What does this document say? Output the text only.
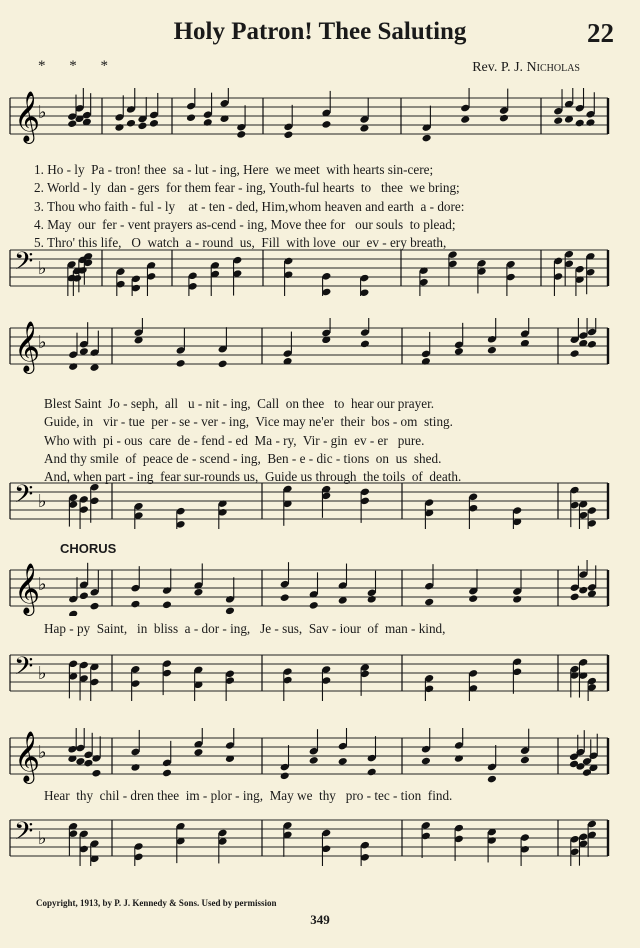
Holy Patron! Thee Saluting	22
* * *	Rev. P. J. Nicholas
𝄞
♭

1. Ho - ly  Pa - tron! thee  sa - lut - ing, Here  we meet  with hearts sin-cere;
2. World - ly  dan - gers  for them fear - ing, Youth-ful hearts  to   thee  we bring;
3. Thou who faith - ful - ly    at - ten - ded, Him,whom heaven and earth  a - dore:
4. May  our  fer - vent prayers as-cend - ing, Move thee for   our souls  to plead;
5. Thro' this life,   O  watch  a - round  us,  Fill  with love  our  ev - ery breath,

𝄢 ♭
𝄞
♭

Blest Saint  Jo - seph,  all   u - nit - ing,  Call  on thee   to  hear our prayer.
Guide, in   vir - tue  per - se - ver - ing,  Vice may ne'er  their  bos - om  sting.
Who with  pi - ous  care  de - fend - ed  Ma - ry,  Vir - gin  ev - er   pure.
And thy smile  of  peace de - scend - ing,  Ben - e - dic - tions  on  us  shed.
And, when part - ing  fear sur-rounds us,  Guide us through  the toils  of  death.

𝄢 ♭
CHORUS
𝄞
♭
Hap - py  Saint,   in  bliss  a - dor - ing,   Je - sus,  Sav - iour  of  man - kind,
𝄢 ♭
𝄞
♭
Hear  thy  chil - dren thee  im - plor - ing,  May we  thy   pro - tec - tion  find.
𝄢 ♭
Copyright, 1913, by P. J. Kennedy & Sons. Used by permission
349
